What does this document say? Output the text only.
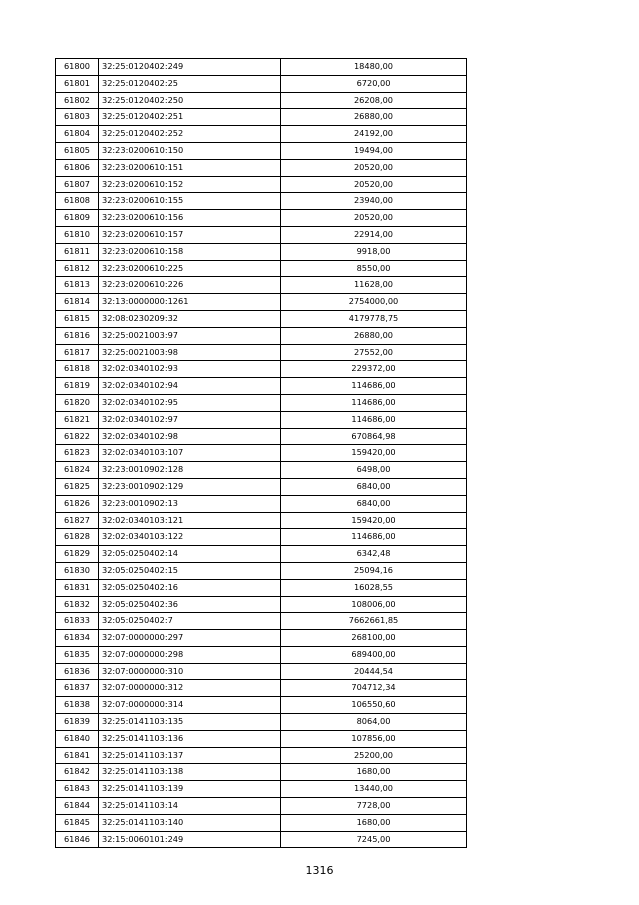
61800	32:25:0120402:249	18480,00
61801	32:25:0120402:25	6720,00
61802	32:25:0120402:250	26208,00
61803	32:25:0120402:251	26880,00
61804	32:25:0120402:252	24192,00
61805	32:23:0200610:150	19494,00
61806	32:23:0200610:151	20520,00
61807	32:23:0200610:152	20520,00
61808	32:23:0200610:155	23940,00
61809	32:23:0200610:156	20520,00
61810	32:23:0200610:157	22914,00
61811	32:23:0200610:158	9918,00
61812	32:23:0200610:225	8550,00
61813	32:23:0200610:226	11628,00
61814	32:13:0000000:1261	2754000,00
61815	32:08:0230209:32	4179778,75
61816	32:25:0021003:97	26880,00
61817	32:25:0021003:98	27552,00
61818	32:02:0340102:93	229372,00
61819	32:02:0340102:94	114686,00
61820	32:02:0340102:95	114686,00
61821	32:02:0340102:97	114686,00
61822	32:02:0340102:98	670864,98
61823	32:02:0340103:107	159420,00
61824	32:23:0010902:128	6498,00
61825	32:23:0010902:129	6840,00
61826	32:23:0010902:13	6840,00
61827	32:02:0340103:121	159420,00
61828	32:02:0340103:122	114686,00
61829	32:05:0250402:14	6342,48
61830	32:05:0250402:15	25094,16
61831	32:05:0250402:16	16028,55
61832	32:05:0250402:36	108006,00
61833	32:05:0250402:7	7662661,85
61834	32:07:0000000:297	268100,00
61835	32:07:0000000:298	689400,00
61836	32:07:0000000:310	20444,54
61837	32:07:0000000:312	704712,34
61838	32:07:0000000:314	106550,60
61839	32:25:0141103:135	8064,00
61840	32:25:0141103:136	107856,00
61841	32:25:0141103:137	25200,00
61842	32:25:0141103:138	1680,00
61843	32:25:0141103:139	13440,00
61844	32:25:0141103:14	7728,00
61845	32:25:0141103:140	1680,00
61846	32:15:0060101:249	7245,00
1316
